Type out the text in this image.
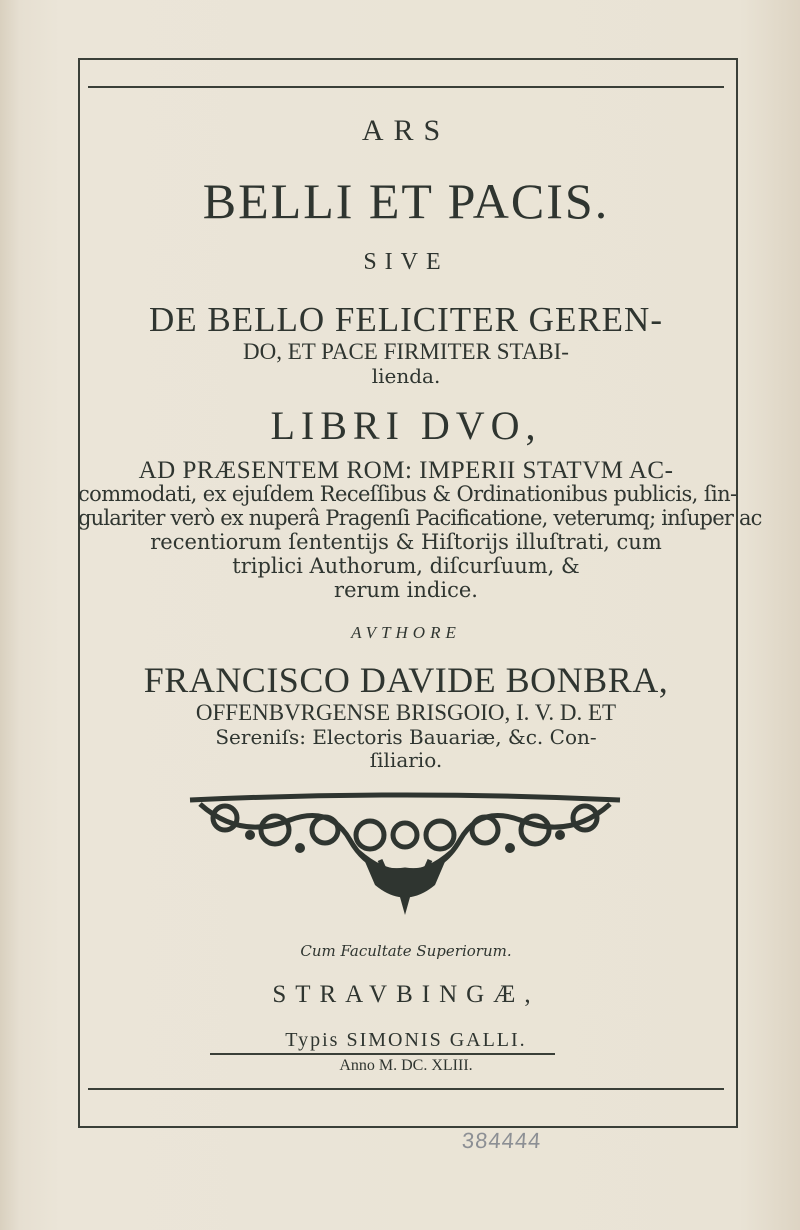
ARS
BELLI ET PACIS.
SIVE
DE BELLO FELICITER GEREN-
DO, ET PACE FIRMITER STABI-
lienda.
LIBRI DVO,
AD PRÆSENTEM ROM: IMPERII STATVM AC-
commodati, ex ejuſdem Receſſibus & Ordinationibus publicis, ſin-
gulariter verò ex nuperâ Pragenſi Pacificatione, veterumq; inſuper ac
recentiorum ſententijs & Hiſtorijs illuſtrati, cum
triplici Authorum, diſcurſuum, &
rerum indice.
AVTHORE
FRANCISCO DAVIDE BONBRA,
OFFENBVRGENSE BRISGOIO, I. V. D. ET
Sereniſs: Electoris Bauariæ, &c. Con-
ſiliario.
Cum Facultate Superiorum.
STRAVBINGÆ,
Typis SIMONIS GALLI.
Anno M. DC. XLIII.
384444
